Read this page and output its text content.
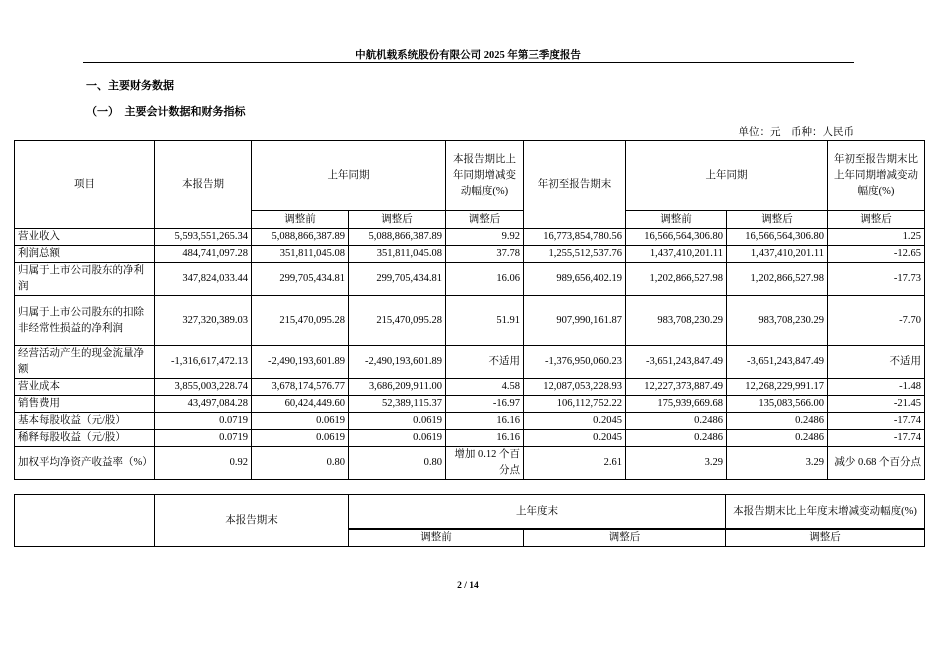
中航机载系统股份有限公司 2025 年第三季度报告
一、主要财务数据
（一）　主要会计数据和财务指标
单位：元　币种：人民币
项目	本报告期	上年同期		本报告期比上年同期增减变动幅度(%)	年初至报告期末	上年同期		年初至报告期末比上年同期增减变动幅度(%)
		调整前	调整后	调整后		调整前	调整后	调整后
营业收入	5,593,551,265.34	5,088,866,387.89	5,088,866,387.89	9.92	16,773,854,780.56	16,566,564,306.80	16,566,564,306.80	1.25
利润总额	484,741,097.28	351,811,045.08	351,811,045.08	37.78	1,255,512,537.76	1,437,410,201.11	1,437,410,201.11	-12.65
归属于上市公司股东的净利润	347,824,033.44	299,705,434.81	299,705,434.81	16.06	989,656,402.19	1,202,866,527.98	1,202,866,527.98	-17.73
归属于上市公司股东的扣除非经常性损益的净利润	327,320,389.03	215,470,095.28	215,470,095.28	51.91	907,990,161.87	983,708,230.29	983,708,230.29	-7.70
经营活动产生的现金流量净额	-1,316,617,472.13	-2,490,193,601.89	-2,490,193,601.89	不适用	-1,376,950,060.23	-3,651,243,847.49	-3,651,243,847.49	不适用
营业成本	3,855,003,228.74	3,678,174,576.77	3,686,209,911.00	4.58	12,087,053,228.93	12,227,373,887.49	12,268,229,991.17	-1.48
销售费用	43,497,084.28	60,424,449.60	52,389,115.37	-16.97	106,112,752.22	175,939,669.68	135,083,566.00	-21.45
基本每股收益（元/股）	0.0719	0.0619	0.0619	16.16	0.2045	0.2486	0.2486	-17.74
稀释每股收益（元/股）	0.0719	0.0619	0.0619	16.16	0.2045	0.2486	0.2486	-17.74
加权平均净资产收益率（%）	0.92	0.80	0.80	增加 0.12 个百分点	2.61	3.29	3.29	减少 0.68 个百分点
	本报告期末	上年度末		本报告期末比上年度末增减变动幅度(%)

		调整前	调整后	调整后
2 / 14
